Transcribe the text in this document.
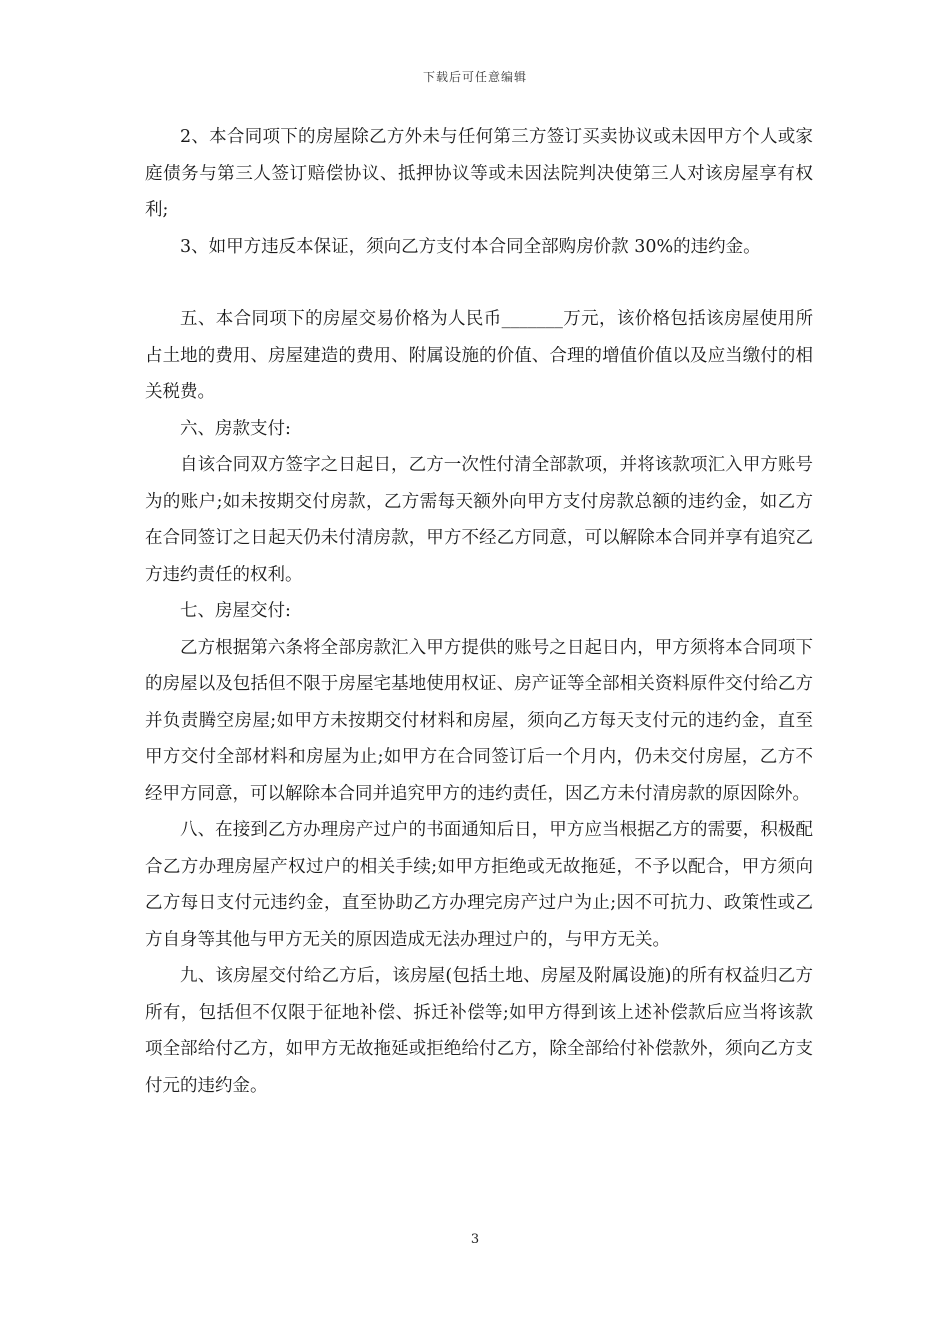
下载后可任意编辑

2、本合同项下的房屋除乙方外未与任何第三方签订买卖协议或未因甲方个人或家庭债务与第三人签订赔偿协议、抵押协议等或未因法院判决使第三人对该房屋享有权利;

3、如甲方违反本保证，须向乙方支付本合同全部购房价款 30%的违约金。

五、本合同项下的房屋交易价格为人民币_______万元，该价格包括该房屋使用所占土地的费用、房屋建造的费用、附属设施的价值、合理的增值价值以及应当缴付的相关税费。

六、房款支付:

自该合同双方签字之日起日，乙方一次性付清全部款项，并将该款项汇入甲方账号为的账户;如未按期交付房款，乙方需每天额外向甲方支付房款总额的违约金，如乙方在合同签订之日起天仍未付清房款，甲方不经乙方同意，可以解除本合同并享有追究乙方违约责任的权利。

七、房屋交付:

乙方根据第六条将全部房款汇入甲方提供的账号之日起日内，甲方须将本合同项下的房屋以及包括但不限于房屋宅基地使用权证、房产证等全部相关资料原件交付给乙方并负责腾空房屋;如甲方未按期交付材料和房屋，须向乙方每天支付元的违约金，直至甲方交付全部材料和房屋为止;如甲方在合同签订后一个月内，仍未交付房屋，乙方不经甲方同意，可以解除本合同并追究甲方的违约责任，因乙方未付清房款的原因除外。

八、在接到乙方办理房产过户的书面通知后日，甲方应当根据乙方的需要，积极配合乙方办理房屋产权过户的相关手续;如甲方拒绝或无故拖延，不予以配合，甲方须向乙方每日支付元违约金，直至协助乙方办理完房产过户为止;因不可抗力、政策性或乙方自身等其他与甲方无关的原因造成无法办理过户的，与甲方无关。

九、该房屋交付给乙方后，该房屋(包括土地、房屋及附属设施)的所有权益归乙方所有，包括但不仅限于征地补偿、拆迁补偿等;如甲方得到该上述补偿款后应当将该款项全部给付乙方，如甲方无故拖延或拒绝给付乙方，除全部给付补偿款外，须向乙方支付元的违约金。

3
